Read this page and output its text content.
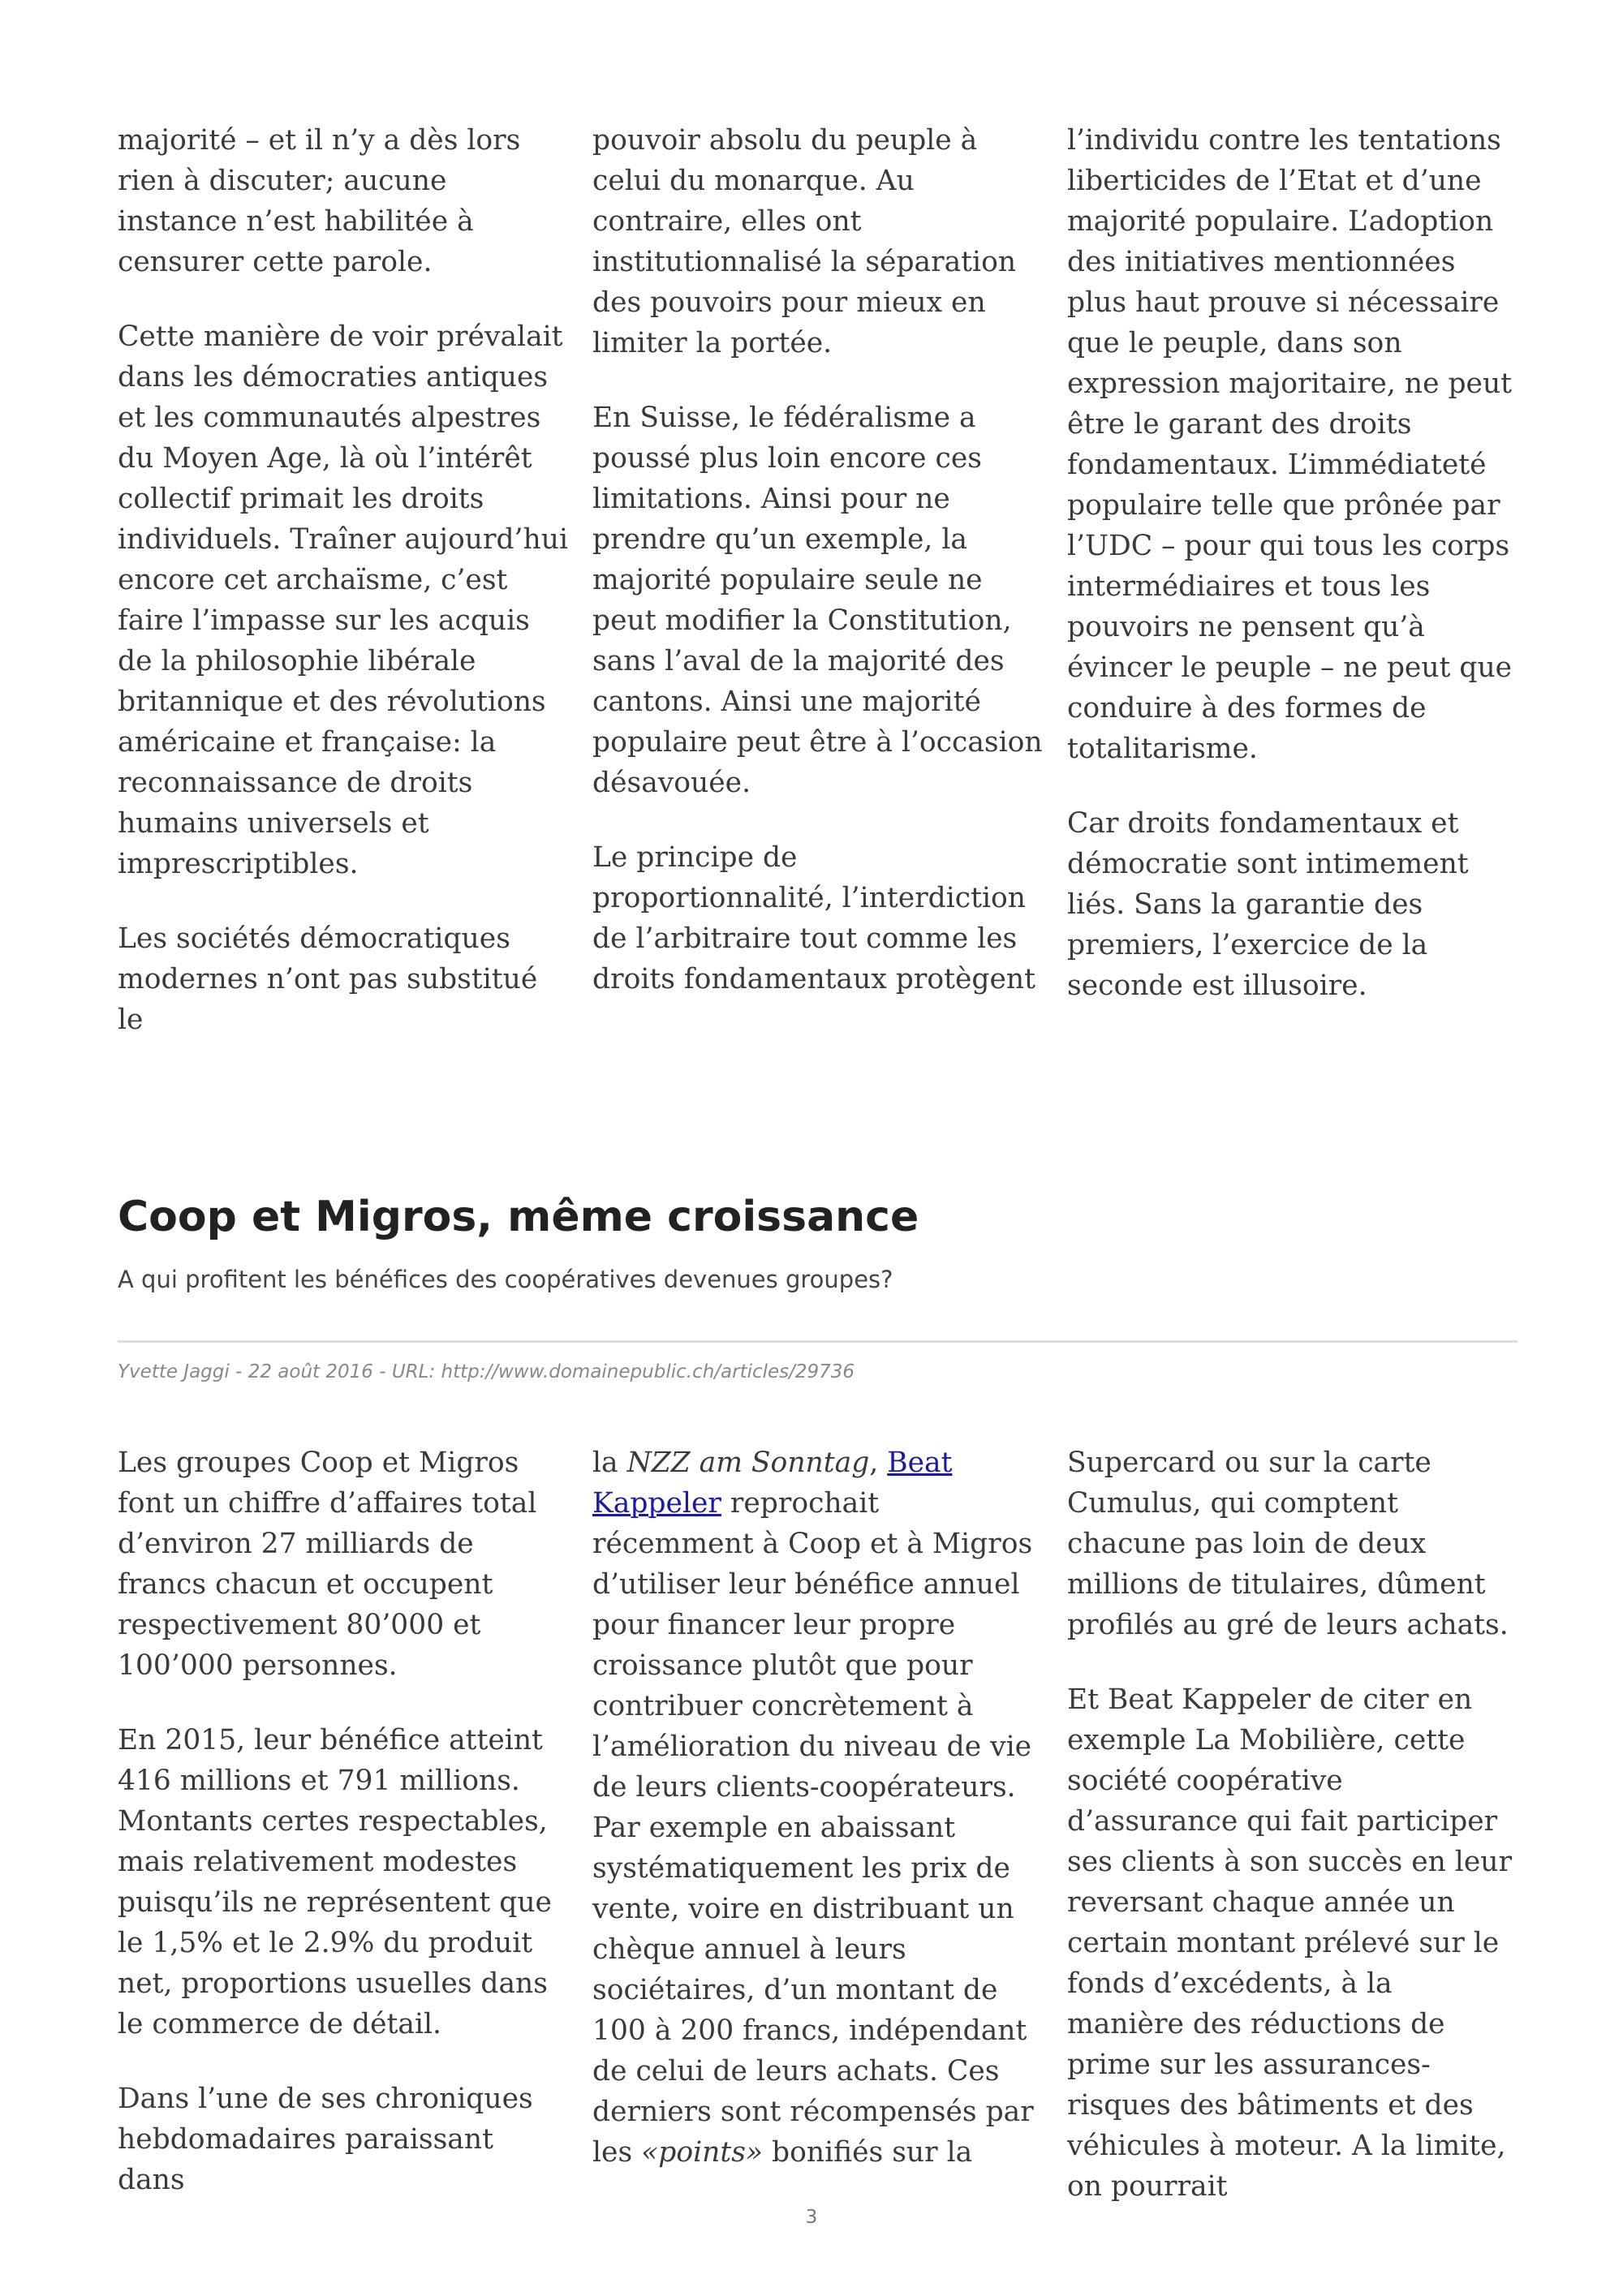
majorité – et il n’y a dès lors rien à discuter; aucune instance n’est habilitée à censurer cette parole.

Cette manière de voir prévalait dans les démocraties antiques et les communautés alpestres du Moyen Age, là où l’intérêt collectif primait les droits individuels. Traîner aujourd’hui encore cet archaïsme, c’est faire l’impasse sur les acquis de la philosophie libérale britannique et des révolutions américaine et française: la reconnaissance de droits humains universels et imprescriptibles.

Les sociétés démocratiques modernes n’ont pas substitué le

pouvoir absolu du peuple à celui du monarque. Au contraire, elles ont institutionnalisé la séparation des pouvoirs pour mieux en limiter la portée.

En Suisse, le fédéralisme a poussé plus loin encore ces limitations. Ainsi pour ne prendre qu’un exemple, la majorité populaire seule ne peut modifier la Constitution, sans l’aval de la majorité des cantons. Ainsi une majorité populaire peut être à l’occasion désavouée.

Le principe de proportionnalité, l’interdiction de l’arbitraire tout comme les droits fondamentaux protègent

l’individu contre les tentations liberticides de l’Etat et d’une majorité populaire. L’adoption des initiatives mentionnées plus haut prouve si nécessaire que le peuple, dans son expression majoritaire, ne peut être le garant des droits fondamentaux. L’immédiateté populaire telle que prônée par l’UDC – pour qui tous les corps intermédiaires et tous les pouvoirs ne pensent qu’à évincer le peuple – ne peut que conduire à des formes de totalitarisme.

Car droits fondamentaux et démocratie sont intimement liés. Sans la garantie des premiers, l’exercice de la seconde est illusoire.

Coop et Migros, même croissance

A qui profitent les bénéfices des coopératives devenues groupes?

Yvette Jaggi - 22 août 2016 - URL: http://www.domainepublic.ch/articles/29736

Les groupes Coop et Migros font un chiffre d’affaires total d’environ 27 milliards de francs chacun et occupent respectivement 80’000 et 100’000 personnes.

En 2015, leur bénéfice atteint 416 millions et 791 millions. Montants certes respectables, mais relativement modestes puisqu’ils ne représentent que le 1,5% et le 2.9% du produit net, proportions usuelles dans le commerce de détail.

Dans l’une de ses chroniques hebdomadaires paraissant dans

la NZZ am Sonntag, Beat Kappeler reprochait récemment à Coop et à Migros d’utiliser leur bénéfice annuel pour financer leur propre croissance plutôt que pour contribuer concrètement à l’amélioration du niveau de vie de leurs clients-coopérateurs. Par exemple en abaissant systématiquement les prix de vente, voire en distribuant un chèque annuel à leurs sociétaires, d’un montant de 100 à 200 francs, indépendant de celui de leurs achats. Ces derniers sont récompensés par les «points» bonifiés sur la

Supercard ou sur la carte Cumulus, qui comptent chacune pas loin de deux millions de titulaires, dûment profilés au gré de leurs achats.

Et Beat Kappeler de citer en exemple La Mobilière, cette société coopérative d’assurance qui fait participer ses clients à son succès en leur reversant chaque année un certain montant prélevé sur le fonds d’excédents, à la manière des réductions de prime sur les assurances-risques des bâtiments et des véhicules à moteur. A la limite, on pourrait

3
